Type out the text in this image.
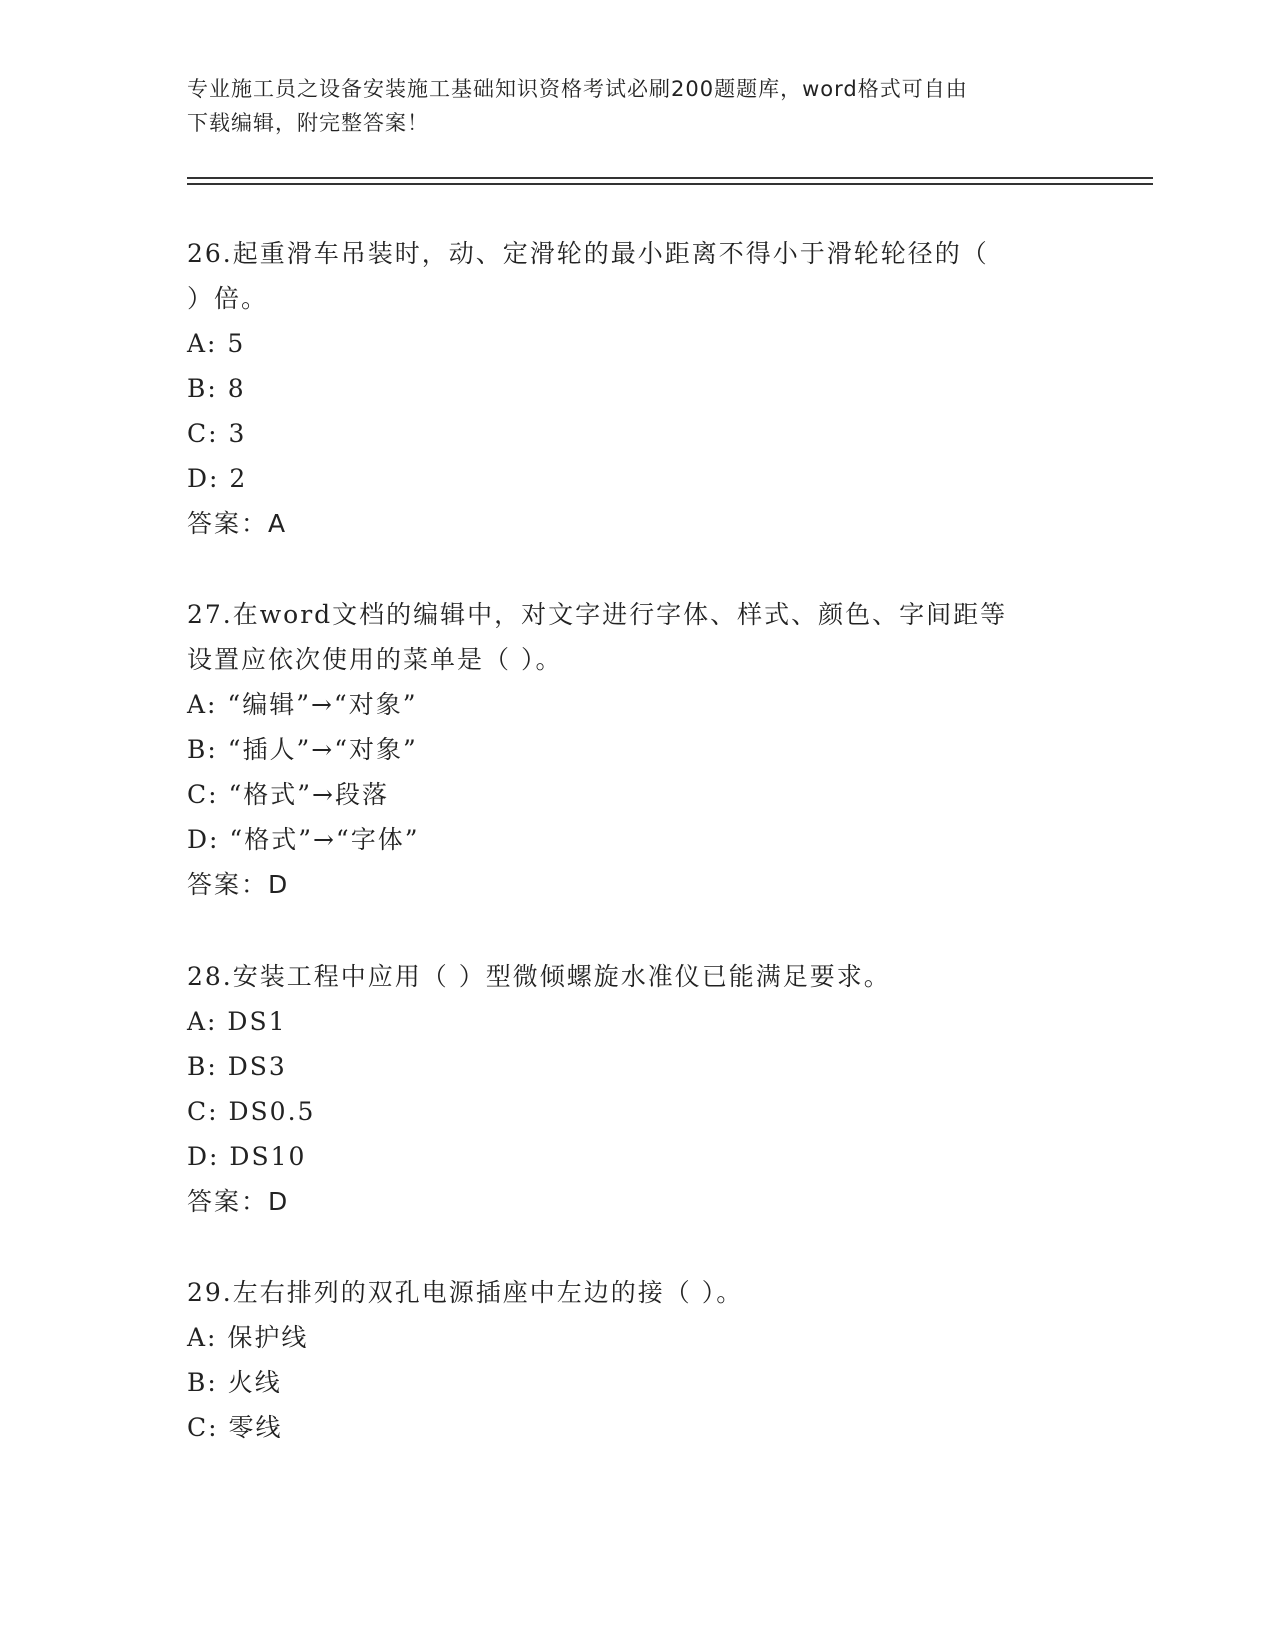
专业施工员之设备安装施工基础知识资格考试必刷200题题库，word格式可自由
下载编辑，附完整答案！
26.起重滑车吊装时，动、定滑轮的最小距离不得小于滑轮轮径的（
）倍。
A: 5
B: 8
C: 3
D: 2
答案：A
27.在word文档的编辑中，对文字进行字体、样式、颜色、字间距等
设置应依次使用的菜单是（ ）。
A: “编辑”→“对象”
B: “插人”→“对象”
C: “格式”→段落
D: “格式”→“字体”
答案：D
28.安装工程中应用（ ）型微倾螺旋水准仪已能满足要求。
A: DS1
B: DS3
C: DS0.5
D: DS10
答案：D
29.左右排列的双孔电源插座中左边的接（ ）。
A: 保护线
B: 火线
C: 零线
